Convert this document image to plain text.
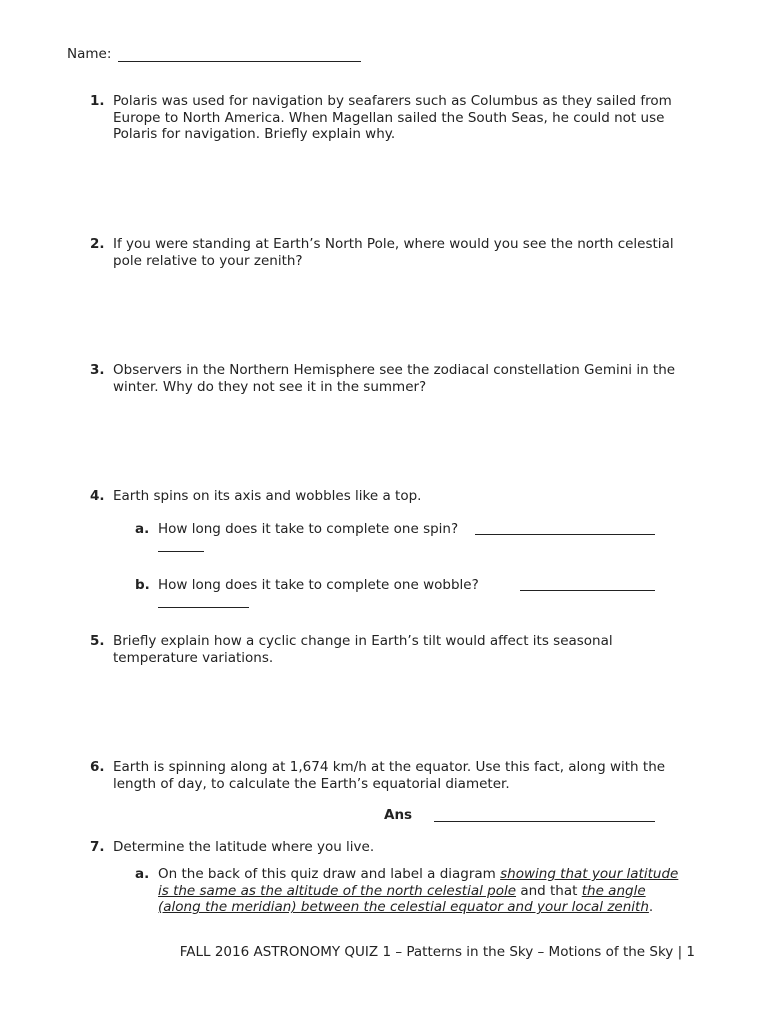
Name:
1. Polaris was used for navigation by seafarers such as Columbus as they sailed from
Europe to North America. When Magellan sailed the South Seas, he could not use
Polaris for navigation. Briefly explain why.
2. If you were standing at Earth’s North Pole, where would you see the north celestial
pole relative to your zenith?
3. Observers in the Northern Hemisphere see the zodiacal constellation Gemini in the
winter. Why do they not see it in the summer?
4. Earth spins on its axis and wobbles like a top.
a. How long does it take to complete one spin?
b. How long does it take to complete one wobble?
5. Briefly explain how a cyclic change in Earth’s tilt would affect its seasonal
temperature variations.
6. Earth is spinning along at 1,674 km/h at the equator. Use this fact, along with the
length of day, to calculate the Earth’s equatorial diameter.
Ans
7. Determine the latitude where you live.
a. On the back of this quiz draw and label a diagram showing that your latitude
is the same as the altitude of the north celestial pole and that the angle
(along the meridian) between the celestial equator and your local zenith.
FALL 2016 ASTRONOMY QUIZ 1 – Patterns in the Sky – Motions of the Sky | 1
